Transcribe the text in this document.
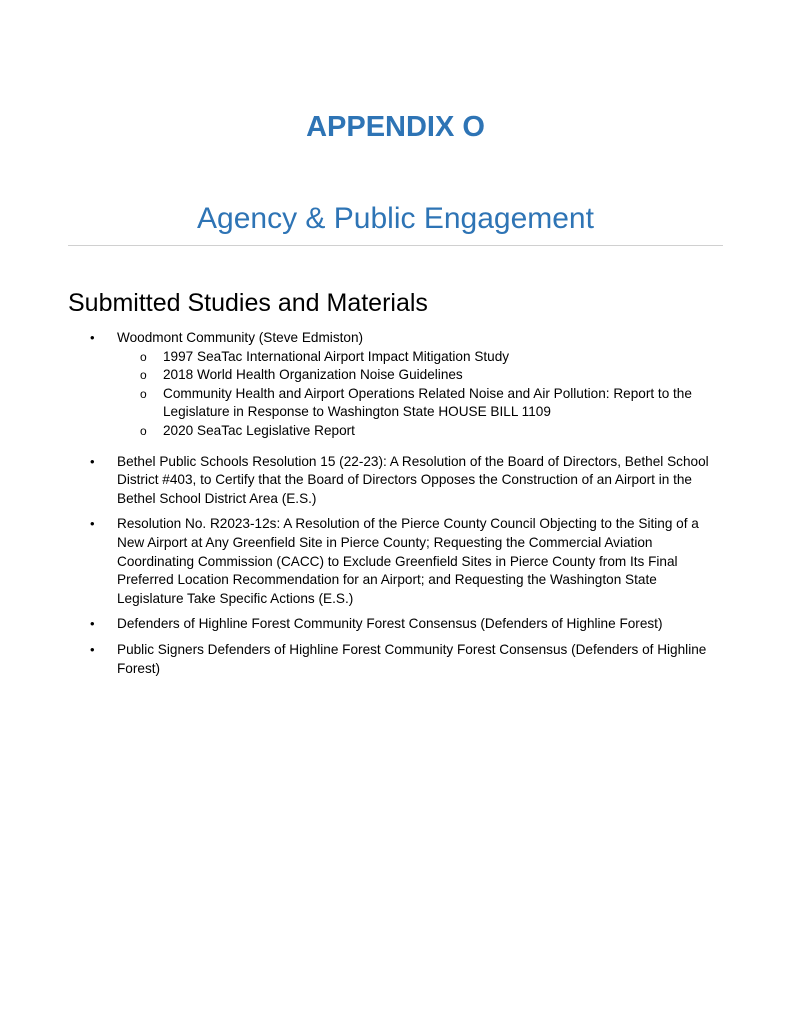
APPENDIX O
Agency & Public Engagement
Submitted Studies and Materials
• Woodmont Community (Steve Edmiston)
o 1997 SeaTac International Airport Impact Mitigation Study
o 2018 World Health Organization Noise Guidelines
o Community Health and Airport Operations Related Noise and Air Pollution: Report to the Legislature in Response to Washington State HOUSE BILL 1109
o 2020 SeaTac Legislative Report
• Bethel Public Schools Resolution 15 (22-23): A Resolution of the Board of Directors, Bethel School District #403, to Certify that the Board of Directors Opposes the Construction of an Airport in the Bethel School District Area (E.S.)
• Resolution No. R2023-12s: A Resolution of the Pierce County Council Objecting to the Siting of a New Airport at Any Greenfield Site in Pierce County; Requesting the Commercial Aviation Coordinating Commission (CACC) to Exclude Greenfield Sites in Pierce County from Its Final Preferred Location Recommendation for an Airport; and Requesting the Washington State Legislature Take Specific Actions (E.S.)
• Defenders of Highline Forest Community Forest Consensus (Defenders of Highline Forest)
• Public Signers Defenders of Highline Forest Community Forest Consensus (Defenders of Highline Forest)
